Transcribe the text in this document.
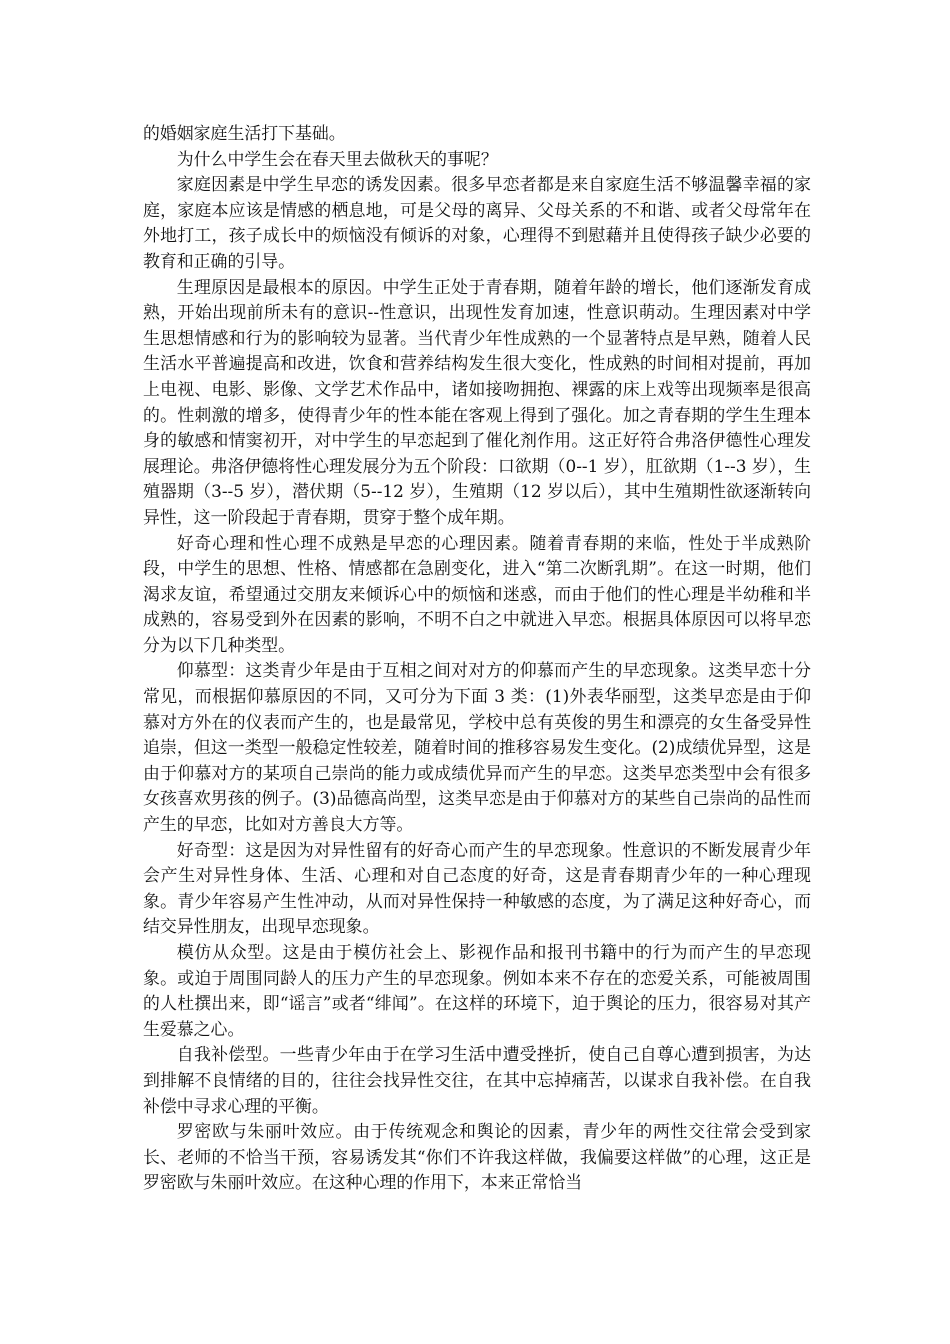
的婚姻家庭生活打下基础。

为什么中学生会在春天里去做秋天的事呢？

家庭因素是中学生早恋的诱发因素。很多早恋者都是来自家庭生活不够温馨幸福的家庭，家庭本应该是情感的栖息地，可是父母的离异、父母关系的不和谐、或者父母常年在外地打工，孩子成长中的烦恼没有倾诉的对象，心理得不到慰藉并且使得孩子缺少必要的教育和正确的引导。

生理原因是最根本的原因。中学生正处于青春期，随着年龄的增长，他们逐渐发育成熟，开始出现前所未有的意识--性意识，出现性发育加速，性意识萌动。生理因素对中学生思想情感和行为的影响较为显著。当代青少年性成熟的一个显著特点是早熟，随着人民生活水平普遍提高和改进，饮食和营养结构发生很大变化，性成熟的时间相对提前，再加上电视、电影、影像、文学艺术作品中，诸如接吻拥抱、裸露的床上戏等出现频率是很高的。性刺激的增多，使得青少年的性本能在客观上得到了强化。加之青春期的学生生理本身的敏感和情窦初开，对中学生的早恋起到了催化剂作用。这正好符合弗洛伊德性心理发展理论。弗洛伊德将性心理发展分为五个阶段：口欲期（0--1 岁），肛欲期（1--3 岁），生殖器期（3--5 岁），潜伏期（5--12 岁），生殖期（12 岁以后），其中生殖期性欲逐渐转向异性，这一阶段起于青春期，贯穿于整个成年期。

好奇心理和性心理不成熟是早恋的心理因素。随着青春期的来临，性处于半成熟阶段，中学生的思想、性格、情感都在急剧变化，进入“第二次断乳期”。在这一时期，他们渴求友谊，希望通过交朋友来倾诉心中的烦恼和迷惑，而由于他们的性心理是半幼稚和半成熟的，容易受到外在因素的影响，不明不白之中就进入早恋。根据具体原因可以将早恋分为以下几种类型。

仰慕型：这类青少年是由于互相之间对对方的仰慕而产生的早恋现象。这类早恋十分常见，而根据仰慕原因的不同，又可分为下面 3 类：(1)外表华丽型，这类早恋是由于仰慕对方外在的仪表而产生的，也是最常见，学校中总有英俊的男生和漂亮的女生备受异性追崇，但这一类型一般稳定性较差，随着时间的推移容易发生变化。(2)成绩优异型，这是由于仰慕对方的某项自己崇尚的能力或成绩优异而产生的早恋。这类早恋类型中会有很多女孩喜欢男孩的例子。(3)品德高尚型，这类早恋是由于仰慕对方的某些自己崇尚的品性而产生的早恋，比如对方善良大方等。

好奇型：这是因为对异性留有的好奇心而产生的早恋现象。性意识的不断发展青少年会产生对异性身体、生活、心理和对自己态度的好奇，这是青春期青少年的一种心理现象。青少年容易产生性冲动，从而对异性保持一种敏感的态度，为了满足这种好奇心，而结交异性朋友，出现早恋现象。

模仿从众型。这是由于模仿社会上、影视作品和报刊书籍中的行为而产生的早恋现象。或迫于周围同龄人的压力产生的早恋现象。例如本来不存在的恋爱关系，可能被周围的人杜撰出来，即“谣言”或者“绯闻”。在这样的环境下，迫于舆论的压力，很容易对其产生爱慕之心。

自我补偿型。一些青少年由于在学习生活中遭受挫折，使自己自尊心遭到损害，为达到排解不良情绪的目的，往往会找异性交往，在其中忘掉痛苦，以谋求自我补偿。在自我补偿中寻求心理的平衡。

罗密欧与朱丽叶效应。由于传统观念和舆论的因素，青少年的两性交往常会受到家长、老师的不恰当干预，容易诱发其“你们不许我这样做，我偏要这样做”的心理，这正是罗密欧与朱丽叶效应。在这种心理的作用下，本来正常恰当
